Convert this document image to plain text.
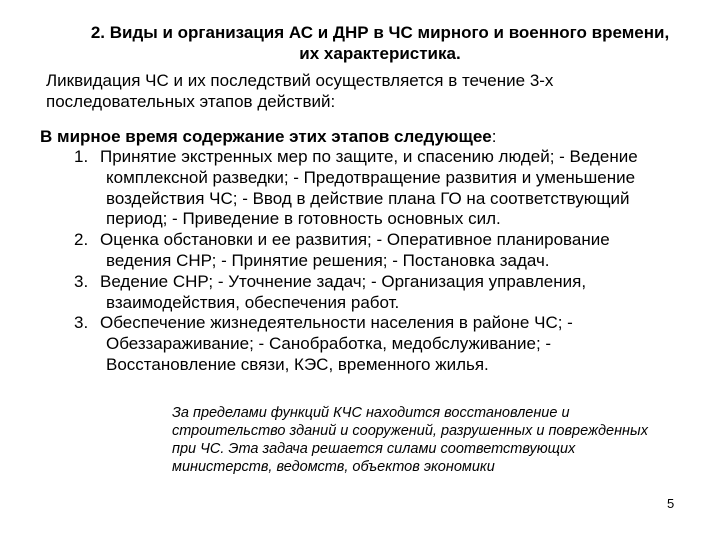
2. Виды и организация АС и ДНР в ЧС мирного и военного времени,
их характеристика.
Ликвидация ЧС и их последствий осуществляется в течение 3-х
последовательных этапов действий:
В мирное время содержание этих этапов следующее:
1. Принятие экстренных мер по защите, и спасению людей; - Ведение
комплексной разведки; - Предотвращение развития и уменьшение
воздействия ЧС; - Ввод в действие плана ГО на соответствующий
период; - Приведение в готовность основных сил.
2. Оценка обстановки и ее развития; - Оперативное планирование
ведения СНР; - Принятие решения; - Постановка задач.
3. Ведение СНР; - Уточнение задач; - Организация управления,
взаимодействия, обеспечения работ.
3. Обеспечение жизнедеятельности населения в районе ЧС; -
Обеззараживание; - Санобработка, медобслуживание; -
Восстановление связи, КЭС, временного жилья.
За пределами функций КЧС находится восстановление и
строительство зданий и сооружений, разрушенных и поврежденных
при ЧС. Эта задача решается силами соответствующих
министерств, ведомств, объектов экономики
5
